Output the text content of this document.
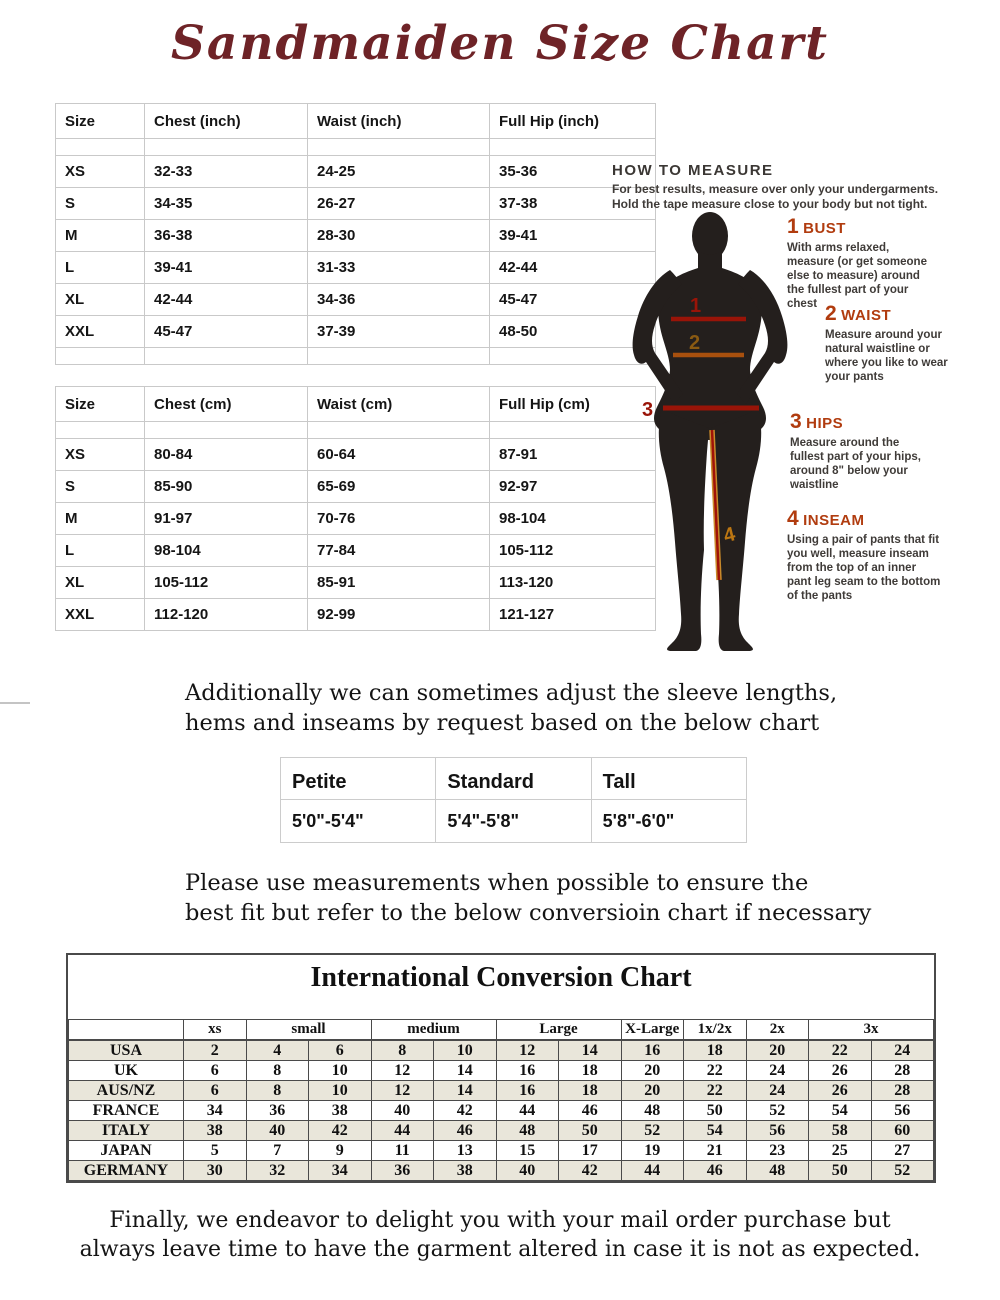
Sandmaiden Size Chart
Size	Chest (inch)	Waist (inch)	Full Hip (inch)

XS	32-33	24-25	35-36
S	34-35	26-27	37-38
M	36-38	28-30	39-41
L	39-41	31-33	42-44
XL	42-44	34-36	45-47
XXL	45-47	37-39	48-50

Size	Chest (cm)	Waist (cm)	Full Hip (cm)

XS	80-84	60-64	87-91
S	85-90	65-69	92-97
M	91-97	70-76	98-104
L	98-104	77-84	105-112
XL	105-112	85-91	113-120
XXL	112-120	92-99	121-127
HOW TO MEASURE

For best results, measure over only your undergarments.
Hold the tape measure close to your body but not tight.

1
2
3
4
1 BUST

With arms relaxed, measure (or get someone else to measure) around the fullest part of your chest 2 WAIST

Measure around your natural waistline or where you like to wear your pants

3 HIPS

Measure around the fullest part of your hips, around 8" below your waistline

4 INSEAM

Using a pair of pants that fit you well, measure inseam from the top of an inner pant leg seam to the bottom of the pants

Additionally we can sometimes adjust the sleeve lengths,
hems and inseams by request based on the below chart

Petite	Standard	Tall
5'0"-5'4"	5'4"-5'8"	5'8"-6'0"

Please use measurements when possible to ensure the
best fit but refer to the below conversioin chart if necessary

International Conversion Chart
	xs	small		medium		Large		X-Large	1x/2x	2x	3x	
USA	2	4	6	8	10	12	14	16	18	20	22	24
UK	6	8	10	12	14	16	18	20	22	24	26	28
AUS/NZ	6	8	10	12	14	16	18	20	22	24	26	28
FRANCE	34	36	38	40	42	44	46	48	50	52	54	56
ITALY	38	40	42	44	46	48	50	52	54	56	58	60
JAPAN	5	7	9	11	13	15	17	19	21	23	25	27
GERMANY	30	32	34	36	38	40	42	44	46	48	50	52

Finally, we endeavor to delight you with your mail order purchase but
always leave time to have the garment altered in case it is not as expected.
